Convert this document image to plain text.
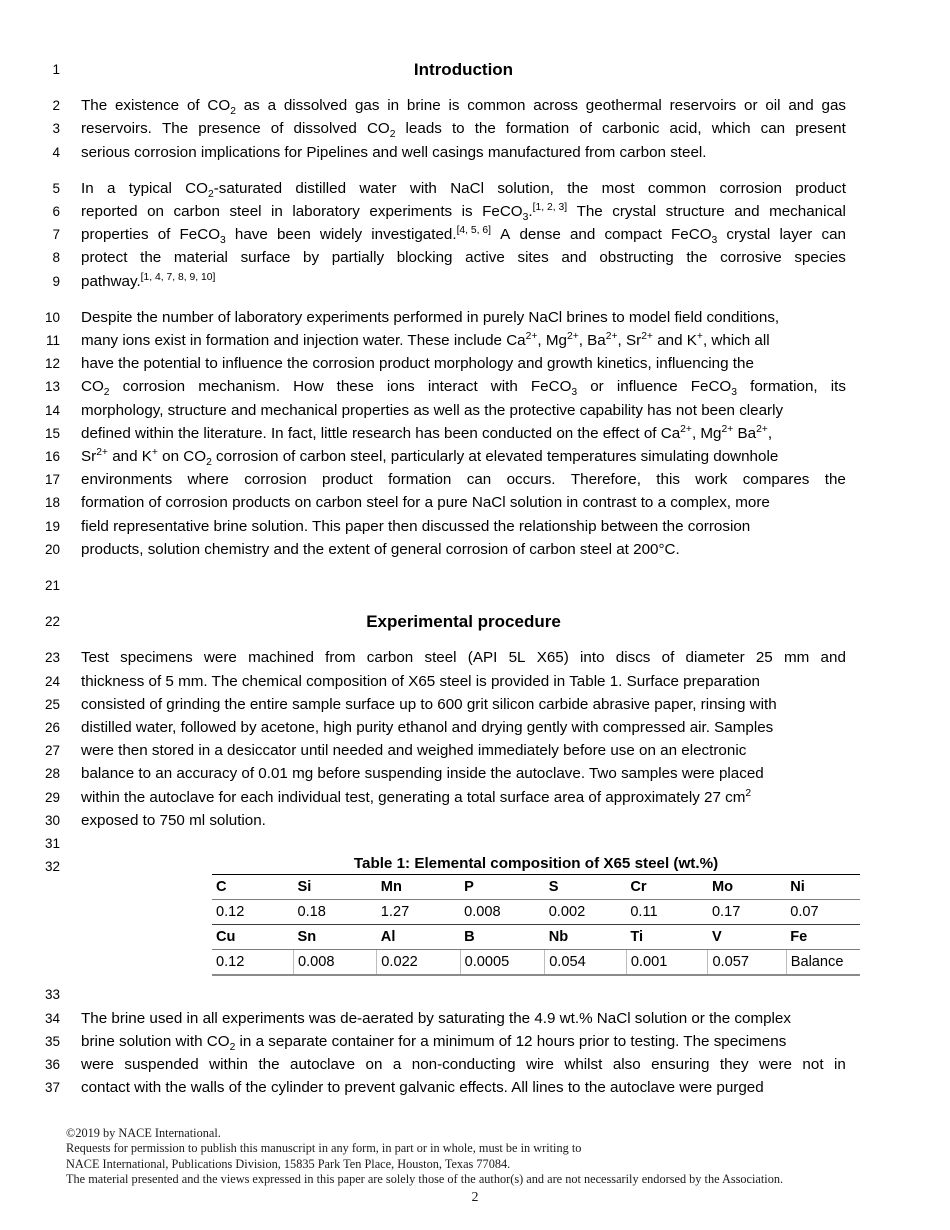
1	Introduction
2 The existence of $CO_2$ as a dissolved gas in brine is common across geothermal reservoirs or oil and gas
3 reservoirs. The presence of dissolved $CO_2$ leads to the formation of carbonic acid, which can present
4	serious corrosion implications for Pipelines and well casings manufactured from carbon steel.
5 In a typical $CO_2$-saturated distilled water with NaCl solution, the most common corrosion product
6 reported on carbon steel in laboratory experiments is FeCO$_3$.[1, 2, 3] The crystal structure and mechanical
7 properties of FeCO$_3$ have been widely investigated.[4, 5, 6] A dense and compact FeCO$_3$ crystal layer can
8 protect the material surface by partially blocking active sites and obstructing the corrosive species
9	pathway.[1, 4, 7, 8, 9, 10]
10	Despite the number of laboratory experiments performed in purely NaCl brines to model field conditions,
11	many ions exist in formation and injection water. These include $Ca^{2+}$, $Mg^{2+}$, $Ba^{2+}$, $Sr^{2+}$ and K+, which all
12	have the potential to influence the corrosion product morphology and growth kinetics, influencing the
13 $CO_2$ corrosion mechanism. How these ions interact with FeCO$_3$ or influence FeCO$_3$ formation, its
14	morphology, structure and mechanical properties as well as the protective capability has not been clearly
15	defined within the literature. In fact, little research has been conducted on the effect of $Ca^{2+}$, $Mg^{2+}$ $Ba^{2+}$,
16	$Sr^{2+}$ and K+ on $CO_2$ corrosion of carbon steel, particularly at elevated temperatures simulating downhole
17 environments where corrosion product formation can occurs. Therefore, this work compares the
18	formation of corrosion products on carbon steel for a pure NaCl solution in contrast to a complex, more
19	field representative brine solution. This paper then discussed the relationship between the corrosion
20	products, solution chemistry and the extent of general corrosion of carbon steel at 200°C.
21

22	Experimental procedure
23 Test specimens were machined from carbon steel (API 5L X65) into discs of diameter 25 mm and
24	thickness of 5 mm. The chemical composition of X65 steel is provided in Table 1. Surface preparation
25	consisted of grinding the entire sample surface up to 600 grit silicon carbide abrasive paper, rinsing with
26	distilled water, followed by acetone, high purity ethanol and drying gently with compressed air. Samples
27	were then stored in a desiccator until needed and weighed immediately before use on an electronic
28	balance to an accuracy of 0.01 mg before suspending inside the autoclave. Two samples were placed
29	within the autoclave for each individual test, generating a total surface area of approximately 27 $cm^2$
30	exposed to 750 ml solution.
31

32	Table 1: Elemental composition of X65 steel (wt.%)
C	Si	Mn	P	S	Cr	Mo	Ni
0.12	0.18	1.27	0.008	0.002	0.11	0.17	0.07
Cu	Sn	Al	B	Nb	Ti	V	Fe
0.12	0.008	0.022	0.0005	0.054	0.001	0.057	Balance
33

34	The brine used in all experiments was de-aerated by saturating the 4.9 wt.% NaCl solution or the complex
35	brine solution with $CO_2$ in a separate container for a minimum of 12 hours prior to testing. The specimens
36 were suspended within the autoclave on a non-conducting wire whilst also ensuring they were not in
37	contact with the walls of the cylinder to prevent galvanic effects. All lines to the autoclave were purged
©2019 by NACE International.
Requests for permission to publish this manuscript in any form, in part or in whole, must be in writing to
NACE International, Publications Division, 15835 Park Ten Place, Houston, Texas 77084.
The material presented and the views expressed in this paper are solely those of the author(s) and are not necessarily endorsed by the Association.
2
